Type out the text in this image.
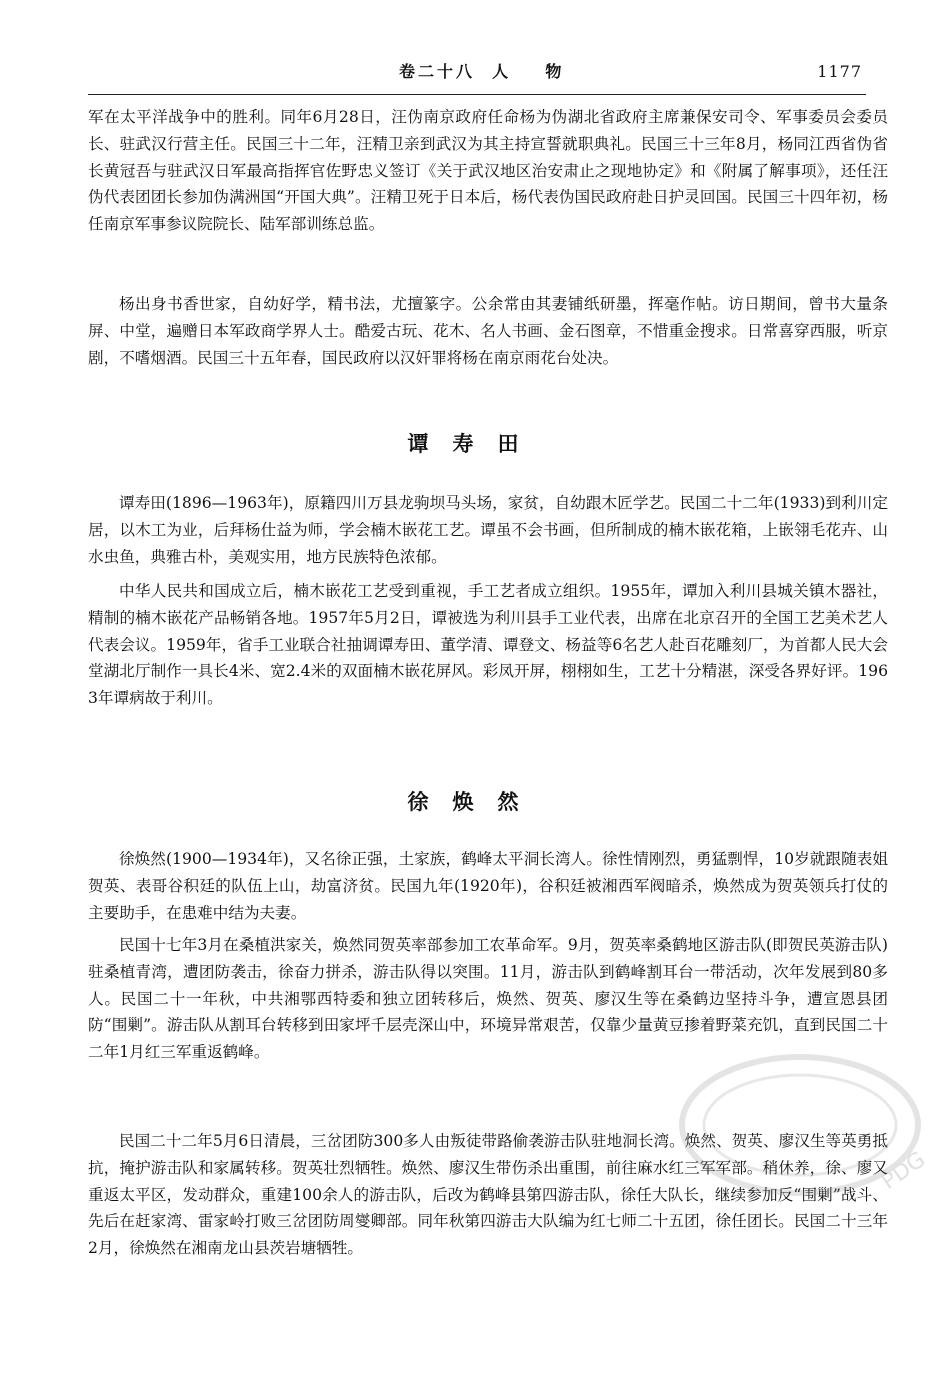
卷二十八  人    物	1177

军在太平洋战争中的胜利。同年6月28日，汪伪南京政府任命杨为伪湖北省政府主席兼保安司令、军事委员会委员长、驻武汉行营主任。民国三十二年，汪精卫亲到武汉为其主持宣誓就职典礼。民国三十三年8月，杨同江西省伪省长黄冠吾与驻武汉日军最高指挥官佐野忠义签订《关于武汉地区治安肃止之现地协定》和《附属了解事项》，还任汪伪代表团团长参加伪满洲国“开国大典”。汪精卫死于日本后，杨代表伪国民政府赴日护灵回国。民国三十四年初，杨任南京军事参议院院长、陆军部训练总监。

杨出身书香世家，自幼好学，精书法，尤擅篆字。公余常由其妻铺纸研墨，挥毫作帖。访日期间，曾书大量条屏、中堂，遍赠日本军政商学界人士。酷爱古玩、花木、名人书画、金石图章，不惜重金搜求。日常喜穿西服，听京剧，不嗜烟酒。民国三十五年春，国民政府以汉奸罪将杨在南京雨花台处决。

谭寿田

谭寿田(1896—1963年)，原籍四川万县龙驹坝马头场，家贫，自幼跟木匠学艺。民国二十二年(1933)到利川定居，以木工为业，后拜杨仕益为师，学会楠木嵌花工艺。谭虽不会书画，但所制成的楠木嵌花箱，上嵌翎毛花卉、山水虫鱼，典雅古朴，美观实用，地方民族特色浓郁。

中华人民共和国成立后，楠木嵌花工艺受到重视，手工艺者成立组织。1955年，谭加入利川县城关镇木器社，精制的楠木嵌花产品畅销各地。1957年5月2日，谭被选为利川县手工业代表，出席在北京召开的全国工艺美术艺人代表会议。1959年，省手工业联合社抽调谭寿田、董学清、谭登文、杨益等6名艺人赴百花雕刻厂，为首都人民大会堂湖北厅制作一具长4米、宽2.4米的双面楠木嵌花屏风。彩凤开屏，栩栩如生，工艺十分精湛，深受各界好评。1963年谭病故于利川。

徐焕然

徐焕然(1900—1934年)，又名徐正强，土家族，鹤峰太平洞长湾人。徐性情刚烈，勇猛剽悍，10岁就跟随表姐贺英、表哥谷积廷的队伍上山，劫富济贫。民国九年(1920年)，谷积廷被湘西军阀暗杀，焕然成为贺英领兵打仗的主要助手，在患难中结为夫妻。

民国十七年3月在桑植洪家关，焕然同贺英率部参加工农革命军。9月，贺英率桑鹤地区游击队(即贺民英游击队)驻桑植青湾，遭团防袭击，徐奋力拼杀，游击队得以突围。11月，游击队到鹤峰割耳台一带活动，次年发展到80多人。民国二十一年秋，中共湘鄂西特委和独立团转移后，焕然、贺英、廖汉生等在桑鹤边坚持斗争，遭宣恩县团防“围剿”。游击队从割耳台转移到田家坪千层壳深山中，环境异常艰苦，仅靠少量黄豆掺着野菜充饥，直到民国二十二年1月红三军重返鹤峰。

民国二十二年5月6日清晨，三岔团防300多人由叛徒带路偷袭游击队驻地洞长湾。焕然、贺英、廖汉生等英勇抵抗，掩护游击队和家属转移。贺英壮烈牺牲。焕然、廖汉生带伤杀出重围，前往麻水红三军军部。稍休养，徐、廖又重返太平区，发动群众，重建100余人的游击队，后改为鹤峰县第四游击队，徐任大队长，继续参加反“围剿”战斗、先后在赶家湾、雷家岭打败三岔团防周燮卿部。同年秋第四游击大队编为红七师二十五团，徐任团长。民国二十三年2月，徐焕然在湘南龙山县茨岩塘牺牲。

PDG
